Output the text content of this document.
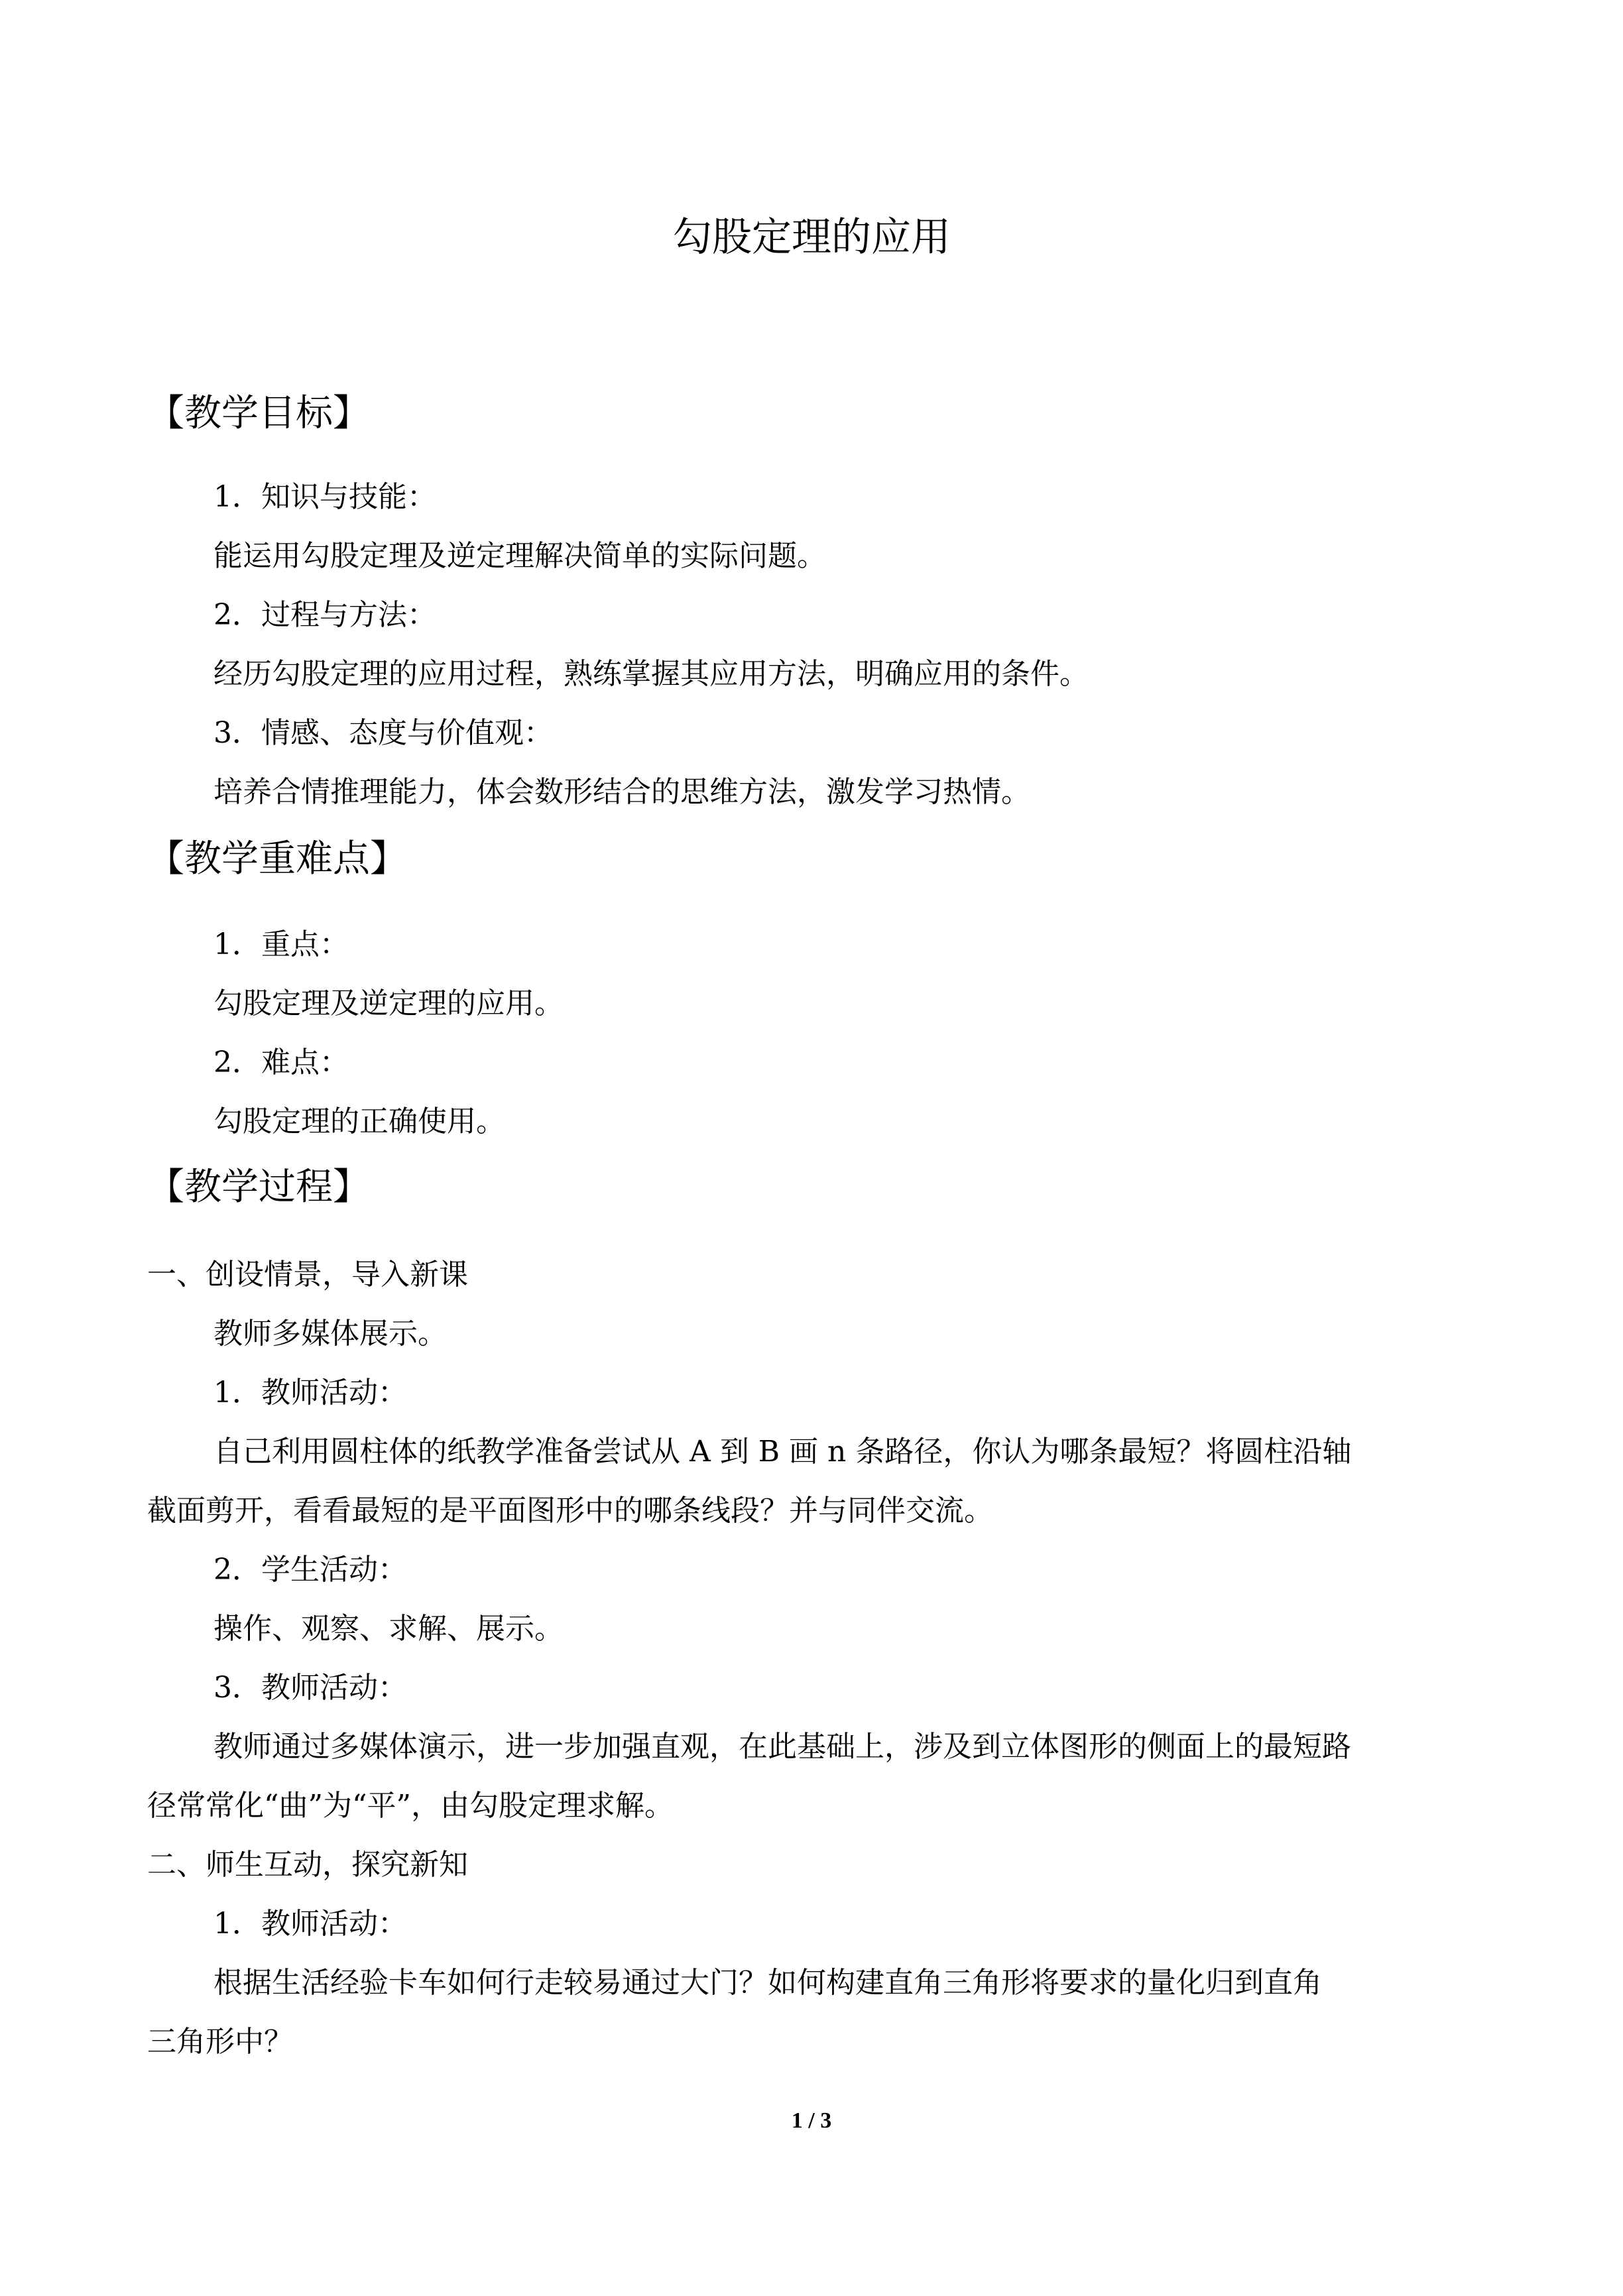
勾股定理的应用
【教学目标】
1．知识与技能：
能运用勾股定理及逆定理解决简单的实际问题。
2．过程与方法：
经历勾股定理的应用过程，熟练掌握其应用方法，明确应用的条件。
3．情感、态度与价值观：
培养合情推理能力，体会数形结合的思维方法，激发学习热情。
【教学重难点】
1．重点：
勾股定理及逆定理的应用。
2．难点：
勾股定理的正确使用。
【教学过程】
一、创设情景，导入新课
教师多媒体展示。
1．教师活动：
自己利用圆柱体的纸教学准备尝试从 A 到 B 画 n 条路径，你认为哪条最短？将圆柱沿轴
截面剪开，看看最短的是平面图形中的哪条线段？并与同伴交流。
2．学生活动：
操作、观察、求解、展示。
3．教师活动：
教师通过多媒体演示，进一步加强直观，在此基础上，涉及到立体图形的侧面上的最短路
径常常化“曲”为“平”，由勾股定理求解。
二、师生互动，探究新知
1．教师活动：
根据生活经验卡车如何行走较易通过大门？如何构建直角三角形将要求的量化归到直角
三角形中？
1 / 3
